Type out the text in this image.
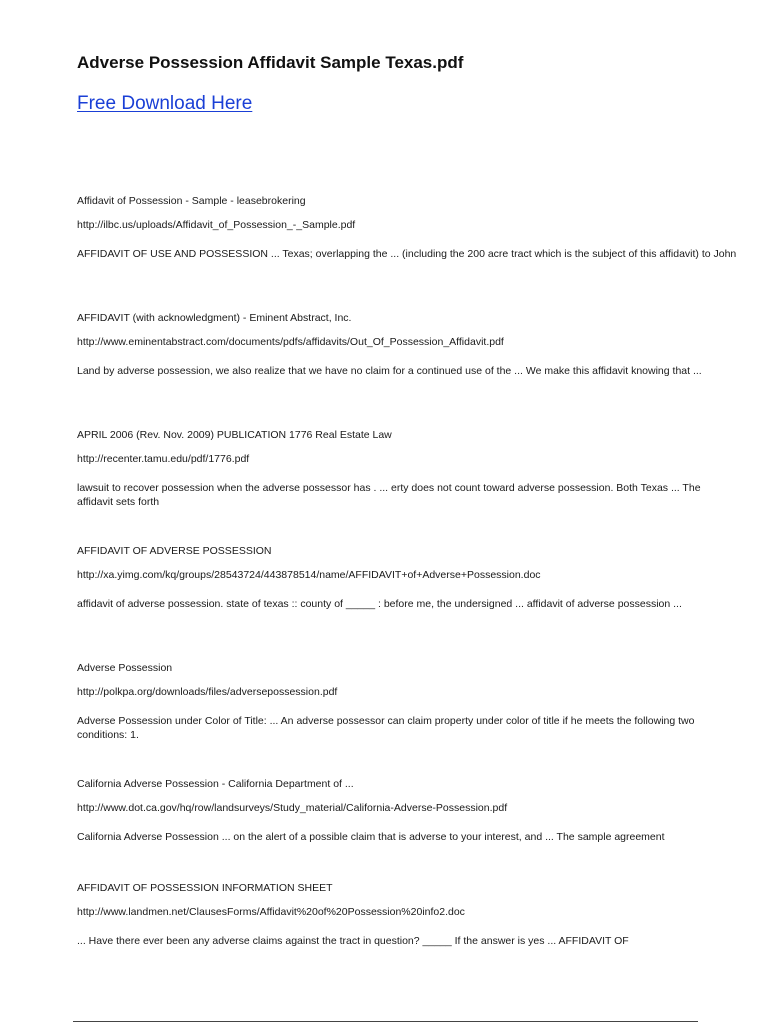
Adverse Possession Affidavit Sample Texas.pdf
Free Download Here
Affidavit of Possession - Sample - leasebrokering
http://ilbc.us/uploads/Affidavit_of_Possession_-_Sample.pdf
AFFIDAVIT OF USE AND POSSESSION ... Texas; overlapping the ... (including the 200 acre tract which is the subject of this affidavit) to John
AFFIDAVIT (with acknowledgment) - Eminent Abstract, Inc.
http://www.eminentabstract.com/documents/pdfs/affidavits/Out_Of_Possession_Affidavit.pdf
Land by adverse possession, we also realize that we have no claim for a continued use of the ... We make this affidavit knowing that ...
APRIL 2006 (Rev. Nov. 2009) PUBLICATION 1776 Real Estate Law
http://recenter.tamu.edu/pdf/1776.pdf
lawsuit to recover possession when the adverse possessor has . ... erty does not count toward adverse possession. Both Texas ... The affidavit sets forth
AFFIDAVIT OF ADVERSE POSSESSION
http://xa.yimg.com/kq/groups/28543724/443878514/name/AFFIDAVIT+of+Adverse+Possession.doc
affidavit of adverse possession. state of texas :: county of _____ : before me, the undersigned ... affidavit of adverse possession ...
Adverse Possession
http://polkpa.org/downloads/files/adversepossession.pdf
Adverse Possession under Color of Title: ... An adverse possessor can claim property under color of title if he meets the following two conditions: 1.
California Adverse Possession - California Department of ...
http://www.dot.ca.gov/hq/row/landsurveys/Study_material/California-Adverse-Possession.pdf
California Adverse Possession ... on the alert of a possible claim that is adverse to your interest, and ... The sample agreement
AFFIDAVIT OF POSSESSION INFORMATION SHEET
http://www.landmen.net/ClausesForms/Affidavit%20of%20Possession%20info2.doc
... Have there ever been any adverse claims against the tract in question? _____ If the answer is yes ... AFFIDAVIT OF
